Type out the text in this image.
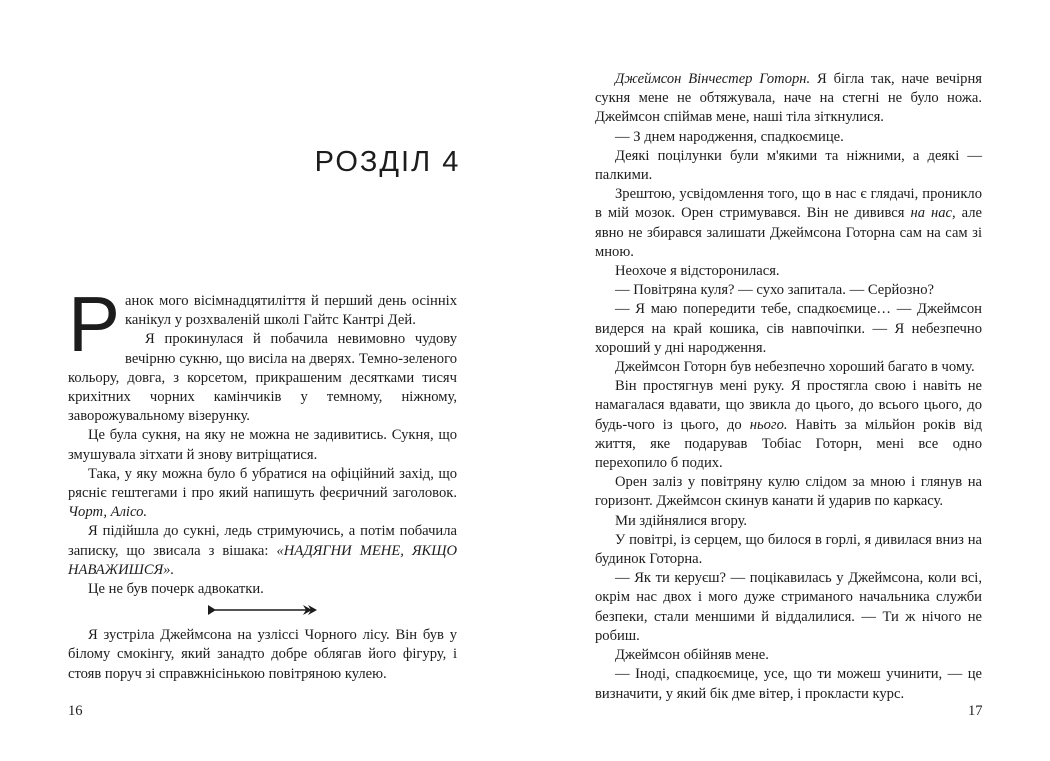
РОЗДІЛ 4

Ранок мого вісімнадцятиліття й перший день осінніх канікул у розхваленій школі Гайтс Кантрі Дей.

Я прокинулася й побачила невимовно чудову вечірню сукню, що висіла на дверях. Темно-зеленого кольору, довга, з корсетом, прикрашеним десятками тисяч крихітних чорних камінчиків у темному, ніжному, заворожувальному візерунку.

Це була сукня, на яку не можна не задивитись. Сукня, що змушувала зітхати й знову витріщатися.

Така, у яку можна було б убратися на офіційний захід, що рясніє гештегами і про який напишуть феєричний заголовок. Чорт, Алісо.

Я підійшла до сукні, ледь стримуючись, а потім побачила записку, що звисала з вішака: «НАДЯГНИ МЕНЕ, ЯКЩО НАВАЖИШСЯ».

Це не був почерк адвокатки.

Я зустріла Джеймсона на узліссі Чорного лісу. Він був у білому смокінгу, який занадто добре облягав його фігуру, і стояв поруч зі справжнісінькою повітряною кулею.

Джеймсон Вінчестер Готорн. Я бігла так, наче вечірня сукня мене не обтяжувала, наче на стегні не було ножа. Джеймсон спіймав мене, наші тіла зіткнулися.

— З днем народження, спадкоємице.

Деякі поцілунки були м'якими та ніжними, а деякі — палкими.

Зрештою, усвідомлення того, що в нас є глядачі, проникло в мій мозок. Орен стримувався. Він не дивився на нас, але явно не збирався залишати Джеймсона Готорна сам на сам зі мною.

Неохоче я відсторонилася.

— Повітряна куля? — сухо запитала. — Серйозно?

— Я маю попередити тебе, спадкоємице… — Джеймсон видерся на край кошика, сів навпочіпки. — Я небезпечно хороший у дні народження.

Джеймсон Готорн був небезпечно хороший багато в чому.

Він простягнув мені руку. Я простягла свою і навіть не намагалася вдавати, що звикла до цього, до всього цього, до будь-чого із цього, до нього. Навіть за мільйон років від життя, яке подарував Тобіас Готорн, мені все одно перехопило б подих.

Орен заліз у повітряну кулю слідом за мною і глянув на горизонт. Джеймсон скинув канати й ударив по каркасу.

Ми здійнялися вгору.

У повітрі, із серцем, що билося в горлі, я дивилася вниз на будинок Готорна.

— Як ти керуєш? — поцікавилась у Джеймсона, коли всі, окрім нас двох і мого дуже стриманого начальника служби безпеки, стали меншими й віддалилися. — Ти ж нічого не робиш.

Джеймсон обійняв мене.

— Іноді, спадкоємице, усе, що ти можеш учинити, — це визначити, у який бік дме вітер, і прокласти курс.

16	17
